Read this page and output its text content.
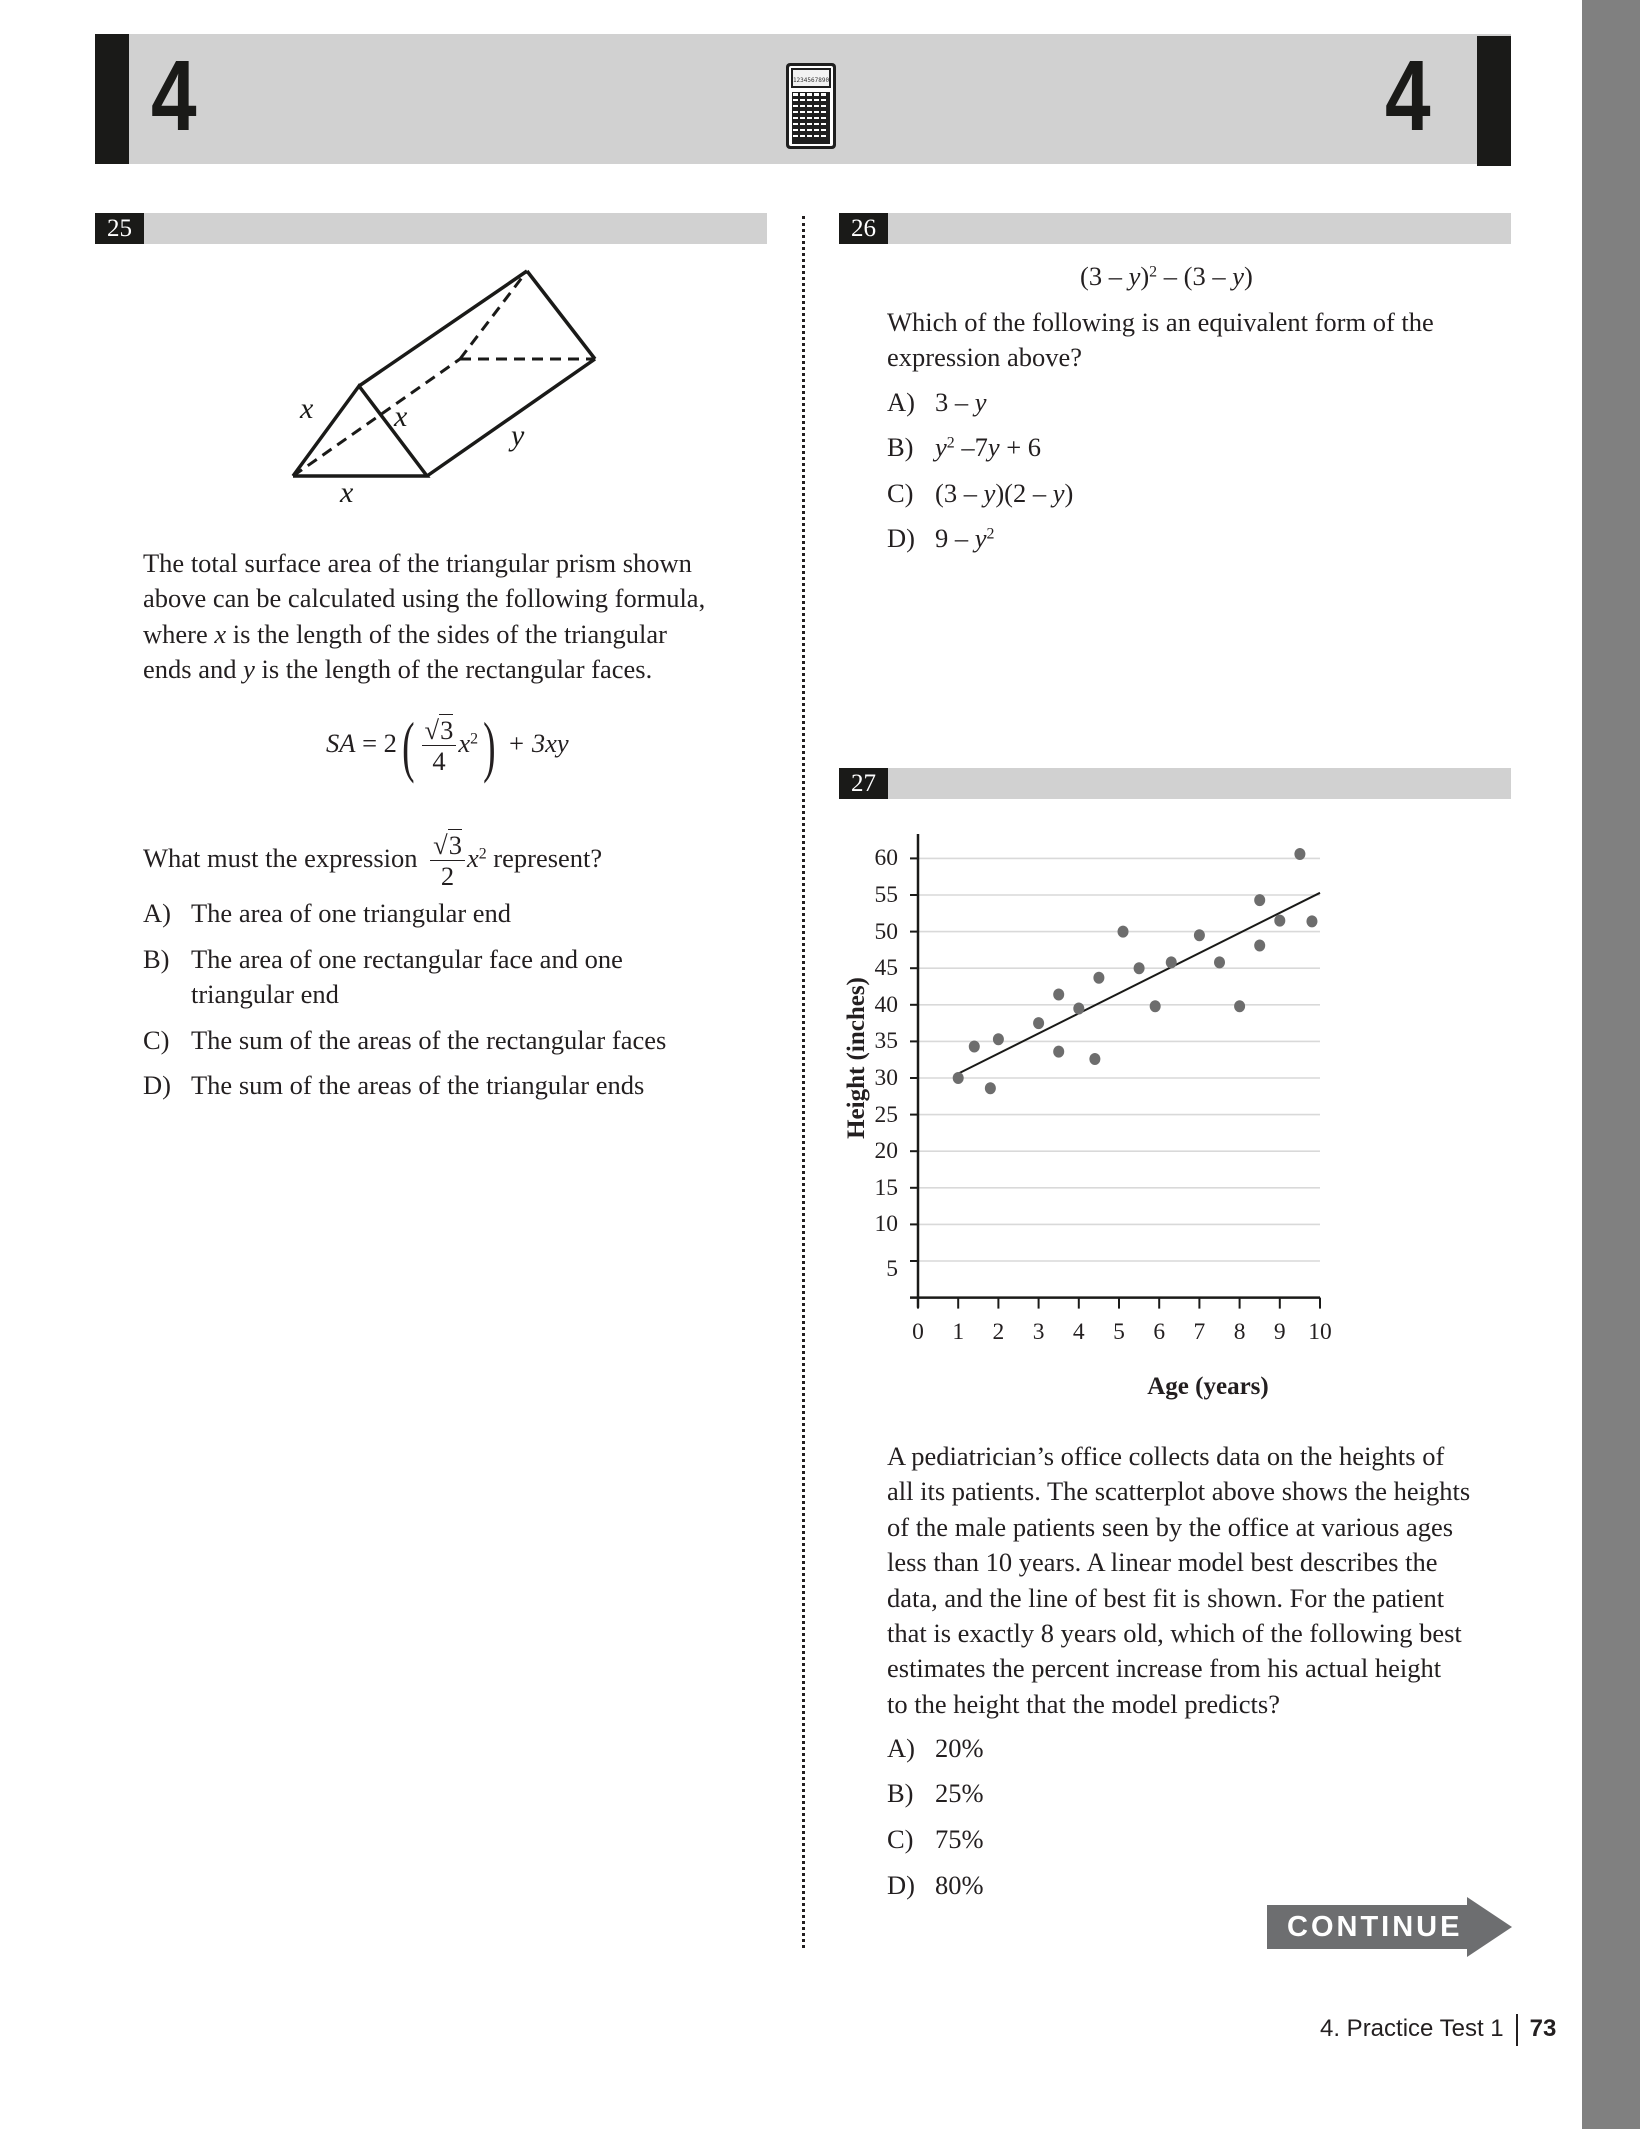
4	4
1234567890
25
x	x
y
x
The total surface area of the triangular prism shown
above can be calculated using the following formula,
where x is the length of the sides of the triangular
ends and y is the length of the rectangular faces.
SA = $2( \frac{√3}{4} x^2) + 3xy$
What must the expression $\frac{√3}{2} x^2$ represent?
A) The area of one triangular end
B) The area of one rectangular face and one
triangular end
C) The sum of the areas of the rectangular faces
D) The sum of the areas of the triangular ends
26
(3 – y)$^2$ – (3 – y)
Which of the following is an equivalent form of the
expression above?
A) 3 – y
B) $y^2$ –7y + 6
C) (3 – y)(2 – y)
D) $9 - y^2$
27
5
10
15
20
25
30
35
40
45
50
55
60
0	1	2	3	4	5	6	7	8	9 10
Height (inches)
Age (years)
A pediatrician’s office collects data on the heights of
all its patients. The scatterplot above shows the heights
of the male patients seen by the office at various ages
less than 10 years. A linear model best describes the
data, and the line of best fit is shown. For the patient
that is exactly 8 years old, which of the following best
estimates the percent increase from his actual height
to the height that the model predicts?
A) 20%
B) 25%
C) 75%
D) 80%
CONTINUE
4. Practice Test 1 73
